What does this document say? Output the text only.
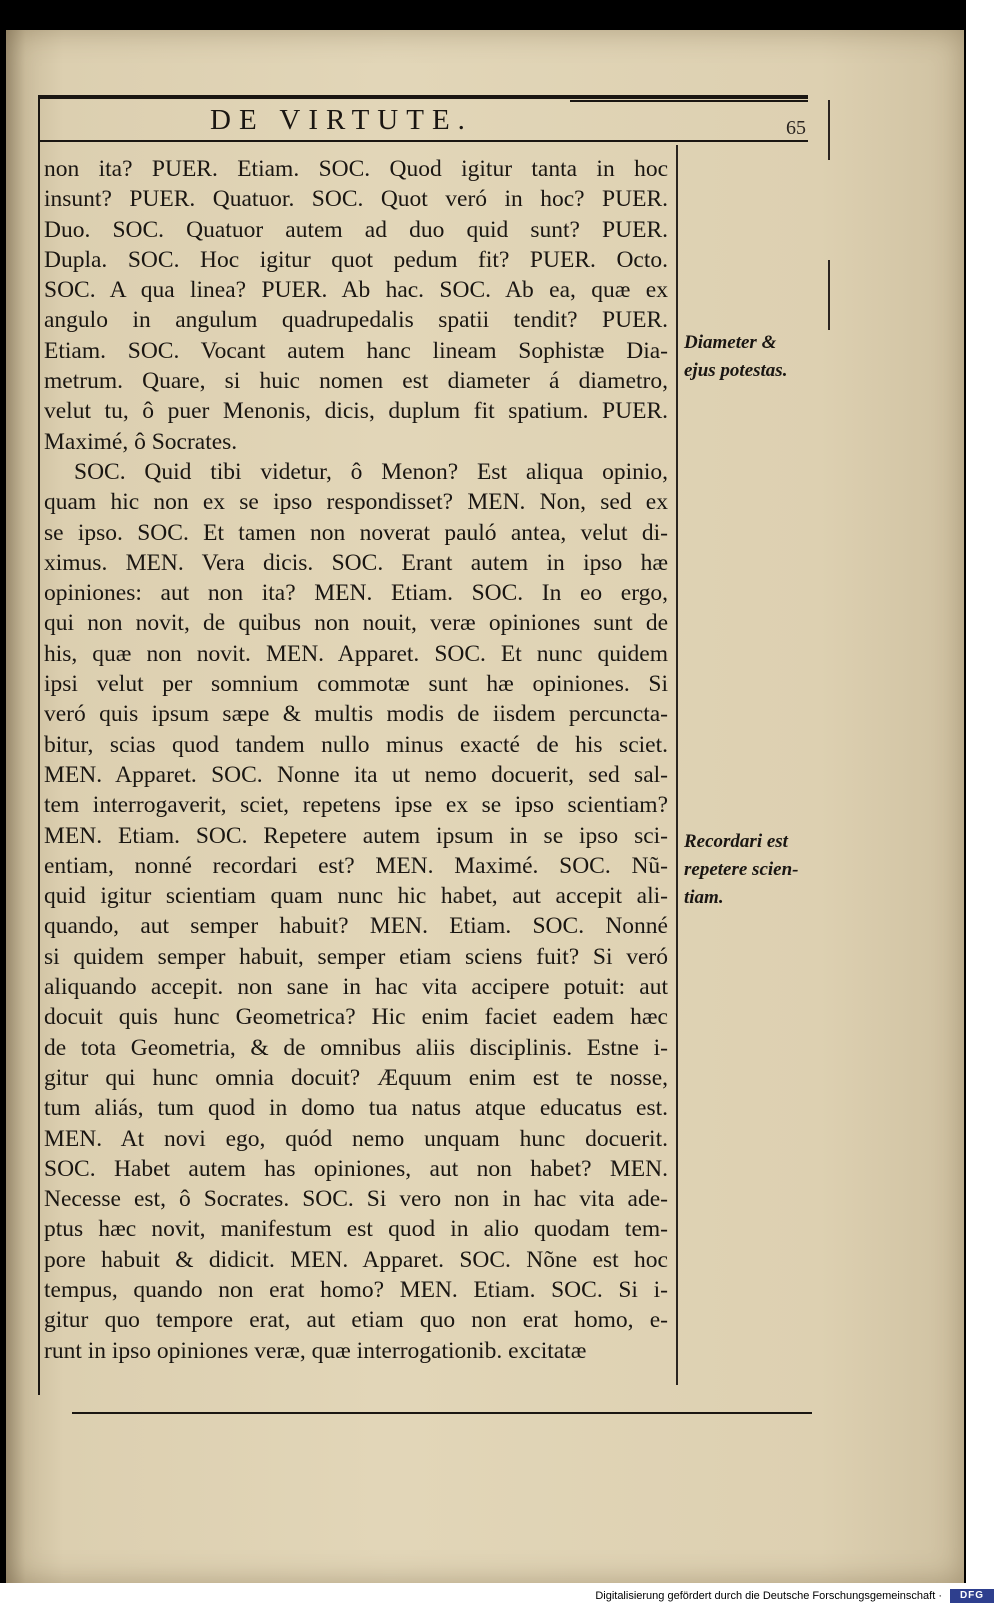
DE VIRTUTE.	65
non ita? PUER. Etiam. SOC. Quod igitur tanta in hoc
insunt? PUER. Quatuor. SOC. Quot veró in hoc? PUER.
Duo. SOC. Quatuor autem ad duo quid sunt? PUER.
Dupla. SOC. Hoc igitur quot pedum fit? PUER. Octo.
SOC. A qua linea? PUER. Ab hac. SOC. Ab ea, quæ ex
angulo in angulum quadrupedalis spatii tendit? PUER.
Etiam. SOC. Vocant autem hanc lineam Sophistæ Dia-
metrum. Quare, si huic nomen est diameter á diametro,
velut tu, ô puer Menonis, dicis, duplum fit spatium. PUER.
Maximé, ô Socrates.
SOC. Quid tibi videtur, ô Menon? Est aliqua opinio,
quam hic non ex se ipso respondisset? MEN. Non, sed ex
se ipso. SOC. Et tamen non noverat pauló antea, velut di-
ximus. MEN. Vera dicis. SOC. Erant autem in ipso hæ
opiniones: aut non ita? MEN. Etiam. SOC. In eo ergo,
qui non novit, de quibus non nouit, veræ opiniones sunt de
his, quæ non novit. MEN. Apparet. SOC. Et nunc quidem
ipsi velut per somnium commotæ sunt hæ opiniones. Si
veró quis ipsum sæpe & multis modis de iisdem percuncta-
bitur, scias quod tandem nullo minus exacté de his sciet.
MEN. Apparet. SOC. Nonne ita ut nemo docuerit, sed sal-
tem interrogaverit, sciet, repetens ipse ex se ipso scientiam?
MEN. Etiam. SOC. Repetere autem ipsum in se ipso sci-
entiam, nonné recordari est? MEN. Maximé. SOC. Nũ-
quid igitur scientiam quam nunc hic habet, aut accepit ali-
quando, aut semper habuit? MEN. Etiam. SOC. Nonné
si quidem semper habuit, semper etiam sciens fuit? Si veró
aliquando accepit. non sane in hac vita accipere potuit: aut
docuit quis hunc Geometrica? Hic enim faciet eadem hæc
de tota Geometria, & de omnibus aliis disciplinis. Estne i-
gitur qui hunc omnia docuit? Æquum enim est te nosse,
tum aliás, tum quod in domo tua natus atque educatus est.
MEN. At novi ego, quód nemo unquam hunc docuerit.
SOC. Habet autem has opiniones, aut non habet? MEN.
Necesse est, ô Socrates. SOC. Si vero non in hac vita ade-
ptus hæc novit, manifestum est quod in alio quodam tem-
pore habuit & didicit. MEN. Apparet. SOC. Nõne est hoc
tempus, quando non erat homo? MEN. Etiam. SOC. Si i-
gitur quo tempore erat, aut etiam quo non erat homo, e-
runt in ipso opiniones veræ, quæ interrogationib. excitatæ
Diameter &
ejus potestas.
Recordari est
repetere scien-
tiam.
Digitalisierung gefördert durch die Deutsche Forschungsgemeinschaft ·	DFG
